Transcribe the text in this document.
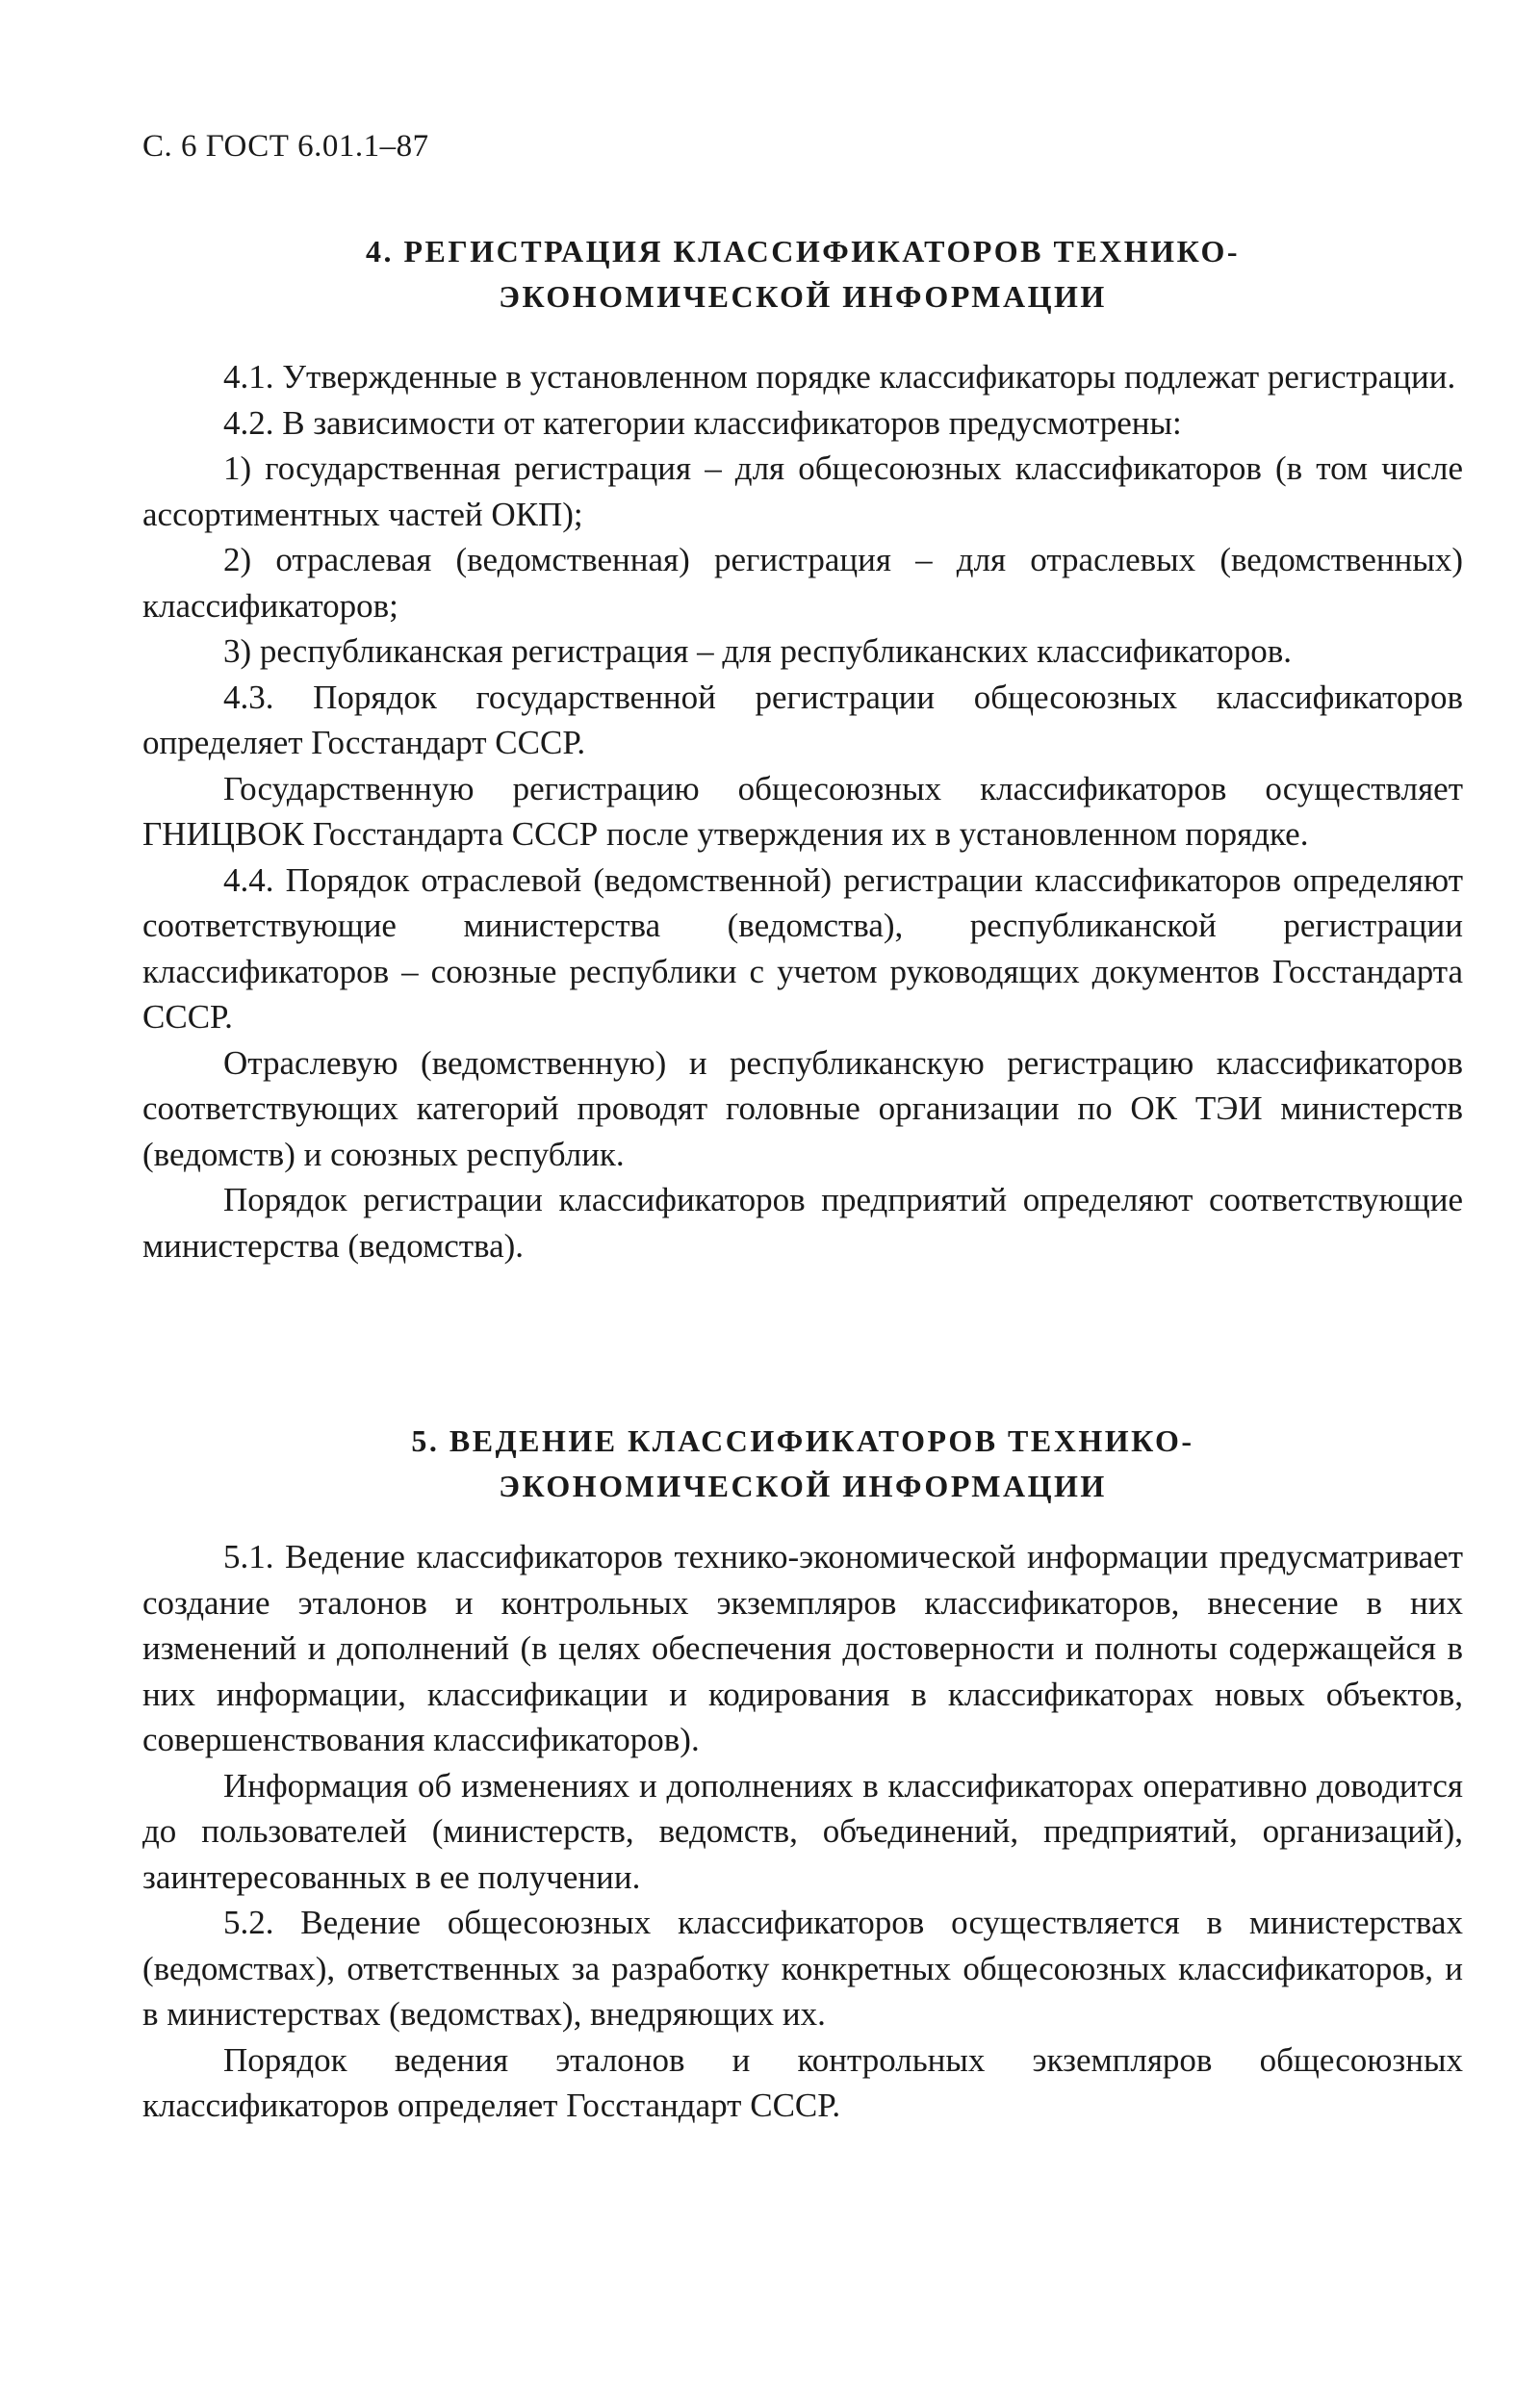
С. 6 ГОСТ 6.01.1–87
4. РЕГИСТРАЦИЯ КЛАССИФИКАТОРОВ ТЕХНИКО-
ЭКОНОМИЧЕСКОЙ ИНФОРМАЦИИ

4.1. Утвержденные в установленном порядке классификаторы подлежат регистрации.

4.2. В зависимости от категории классификаторов предусмотрены:

1) государственная регистрация – для общесоюзных классификаторов (в том числе ассортиментных частей ОКП);

2) отраслевая (ведомственная) регистрация – для отраслевых (ведомственных) классификаторов;

3) республиканская регистрация – для республиканских классификаторов.

4.3. Порядок государственной регистрации общесоюзных классификаторов определяет Госстандарт СССР.

Государственную регистрацию общесоюзных классификаторов осуществляет ГНИЦВОК Госстандарта СССР после утверждения их в установленном порядке.

4.4. Порядок отраслевой (ведомственной) регистрации классификаторов определяют соответствующие министерства (ведомства), республиканской регистрации классификаторов – союзные республики с учетом руководящих документов Госстандарта СССР.

Отраслевую (ведомственную) и республиканскую регистрацию классификаторов соответствующих категорий проводят головные организации по ОК ТЭИ министерств (ведомств) и союзных республик.

Порядок регистрации классификаторов предприятий определяют соответствующие министерства (ведомства).

5. ВЕДЕНИЕ КЛАССИФИКАТОРОВ ТЕХНИКО-
ЭКОНОМИЧЕСКОЙ ИНФОРМАЦИИ

5.1. Ведение классификаторов технико-экономической информации предусматривает создание эталонов и контрольных экземпляров классификаторов, внесение в них изменений и дополнений (в целях обеспечения достоверности и полноты содержащейся в них информации, классификации и кодирования в классификаторах новых объектов, совершенствования классификаторов).

Информация об изменениях и дополнениях в классификаторах оперативно доводится до пользователей (министерств, ведомств, объединений, предприятий, организаций), заинтересованных в ее получении.

5.2. Ведение общесоюзных классификаторов осуществляется в министерствах (ведомствах), ответственных за разработку конкретных общесоюзных классификаторов, и в министерствах (ведомствах), внедряющих их.

Порядок ведения эталонов и контрольных экземпляров общесоюзных классификаторов определяет Госстандарт СССР.
